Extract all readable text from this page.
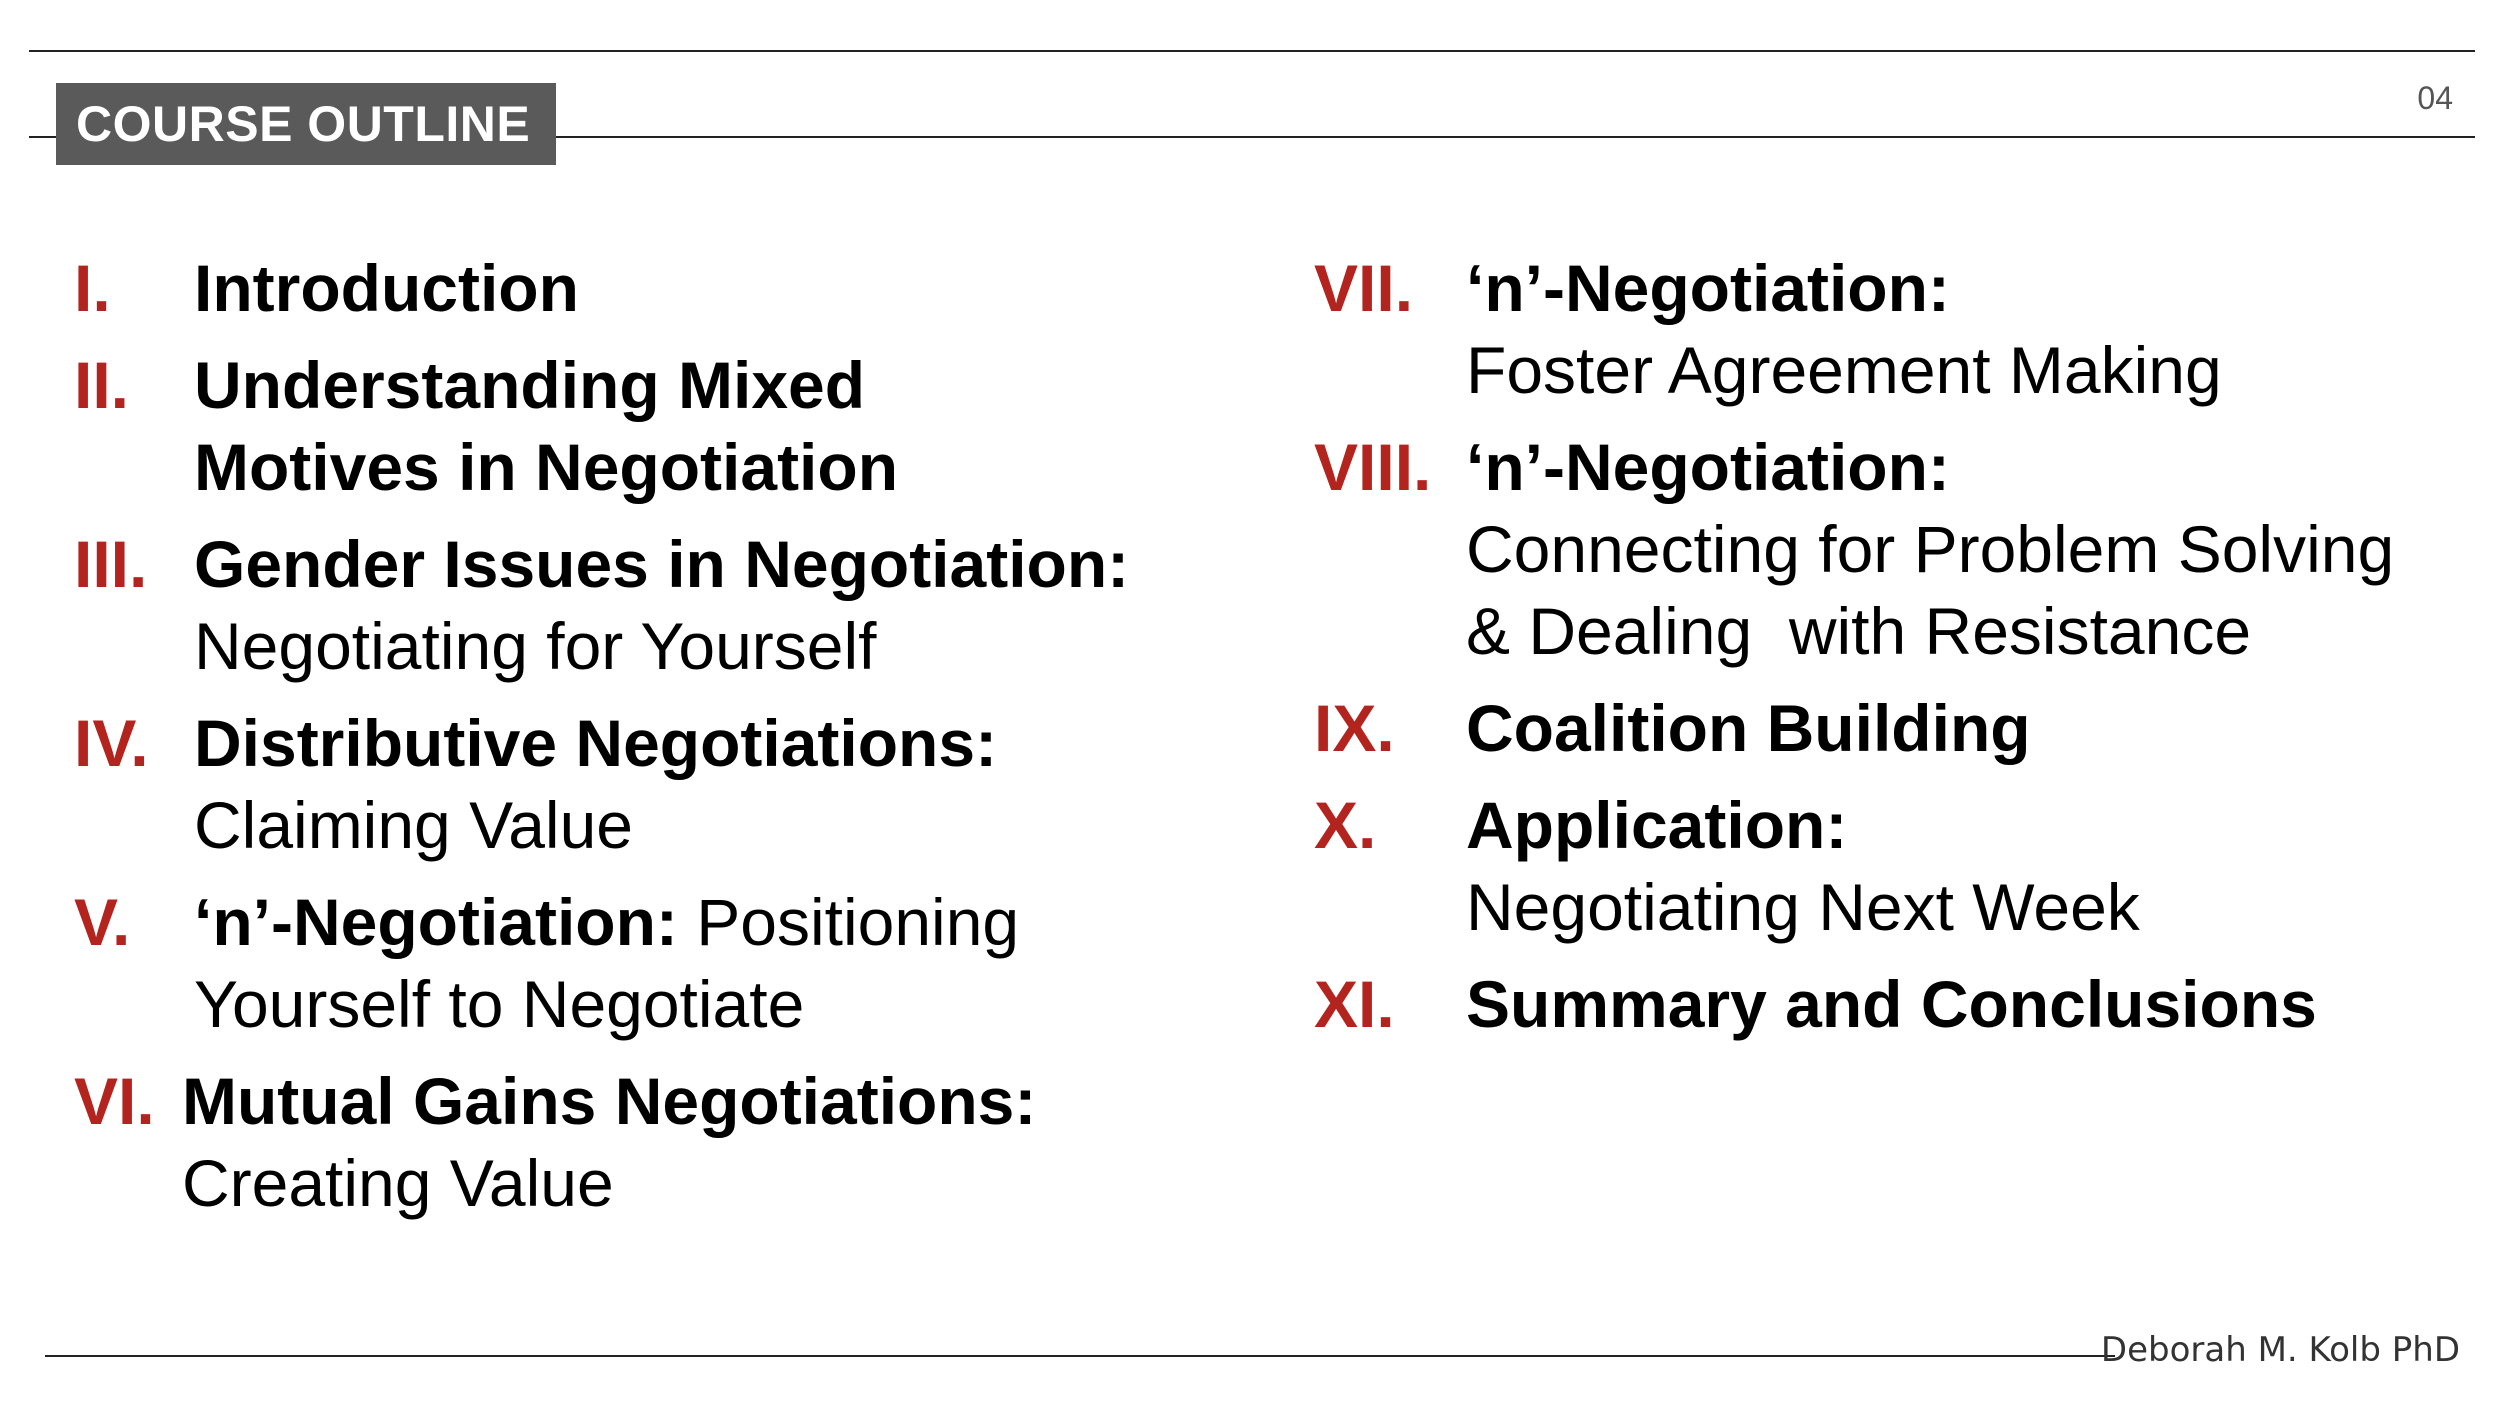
COURSE OUTLINE	04
I.	Introduction
II. Understanding Mixed
Motives in Negotiation
III. Gender Issues in Negotiation:
Negotiating for Yourself
IV. Distributive Negotiations:
Claiming Value
V. ‘n’-Negotiation: Positioning
Yourself to Negotiate
VI. Mutual Gains Negotiations:
Creating Value
VII. ‘n’-Negotiation:
Foster Agreement Making
VIII. ‘n’-Negotiation:
Connecting for Problem Solving
& Dealing  with Resistance
IX.	Coalition Building
X.	Application:
Negotiating Next Week
XI.	Summary and Conclusions
Deborah M. Kolb PhD
